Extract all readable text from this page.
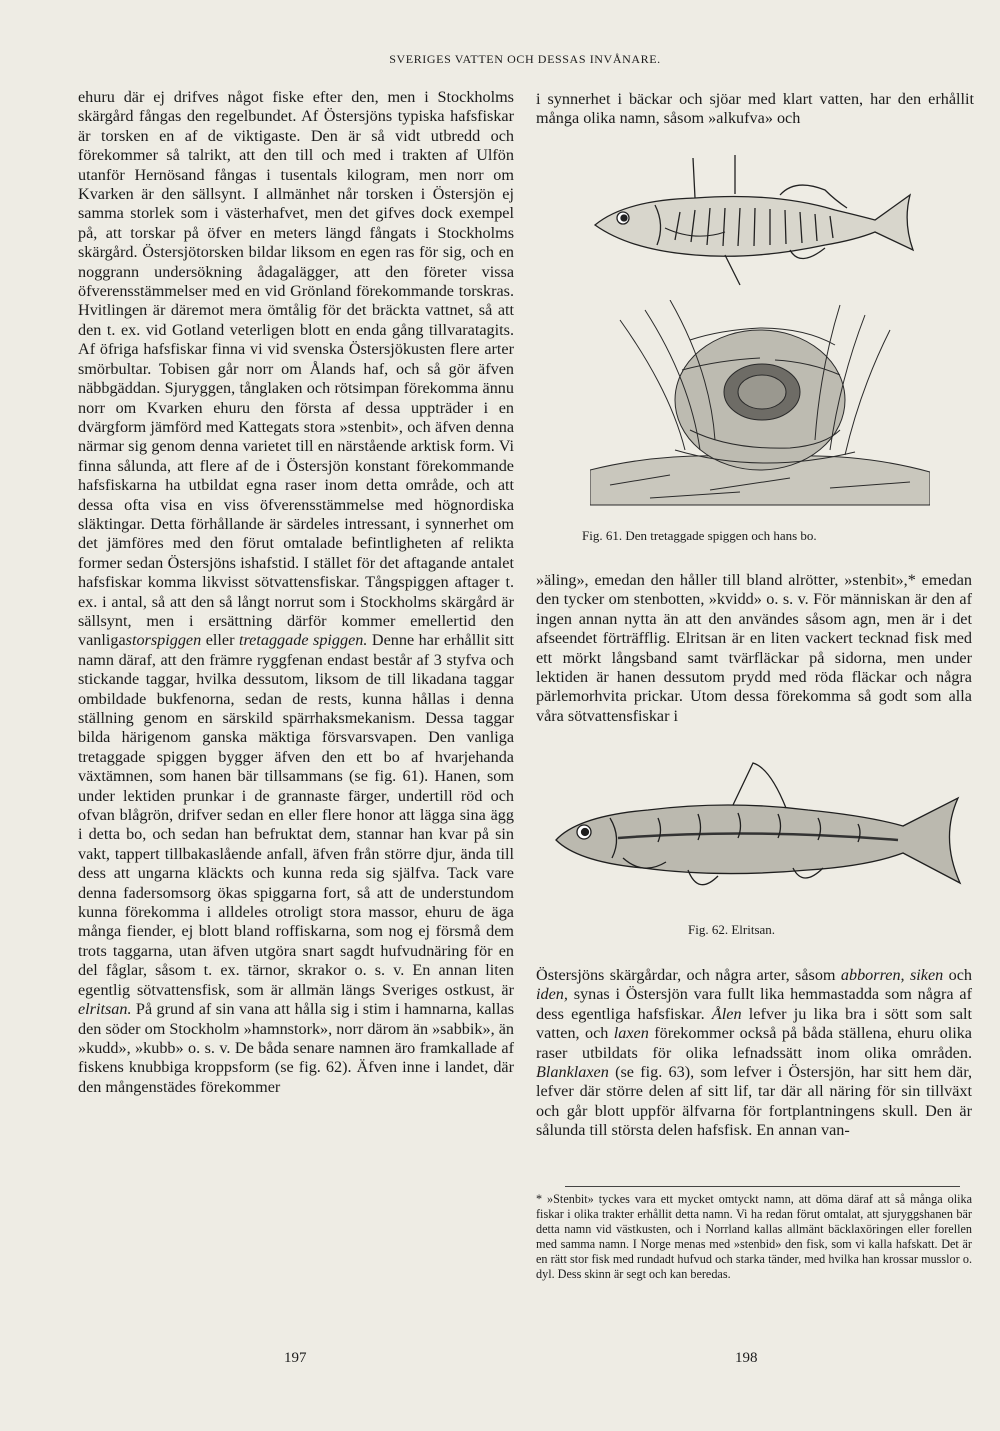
SVERIGES VATTEN OCH DESSAS INVÅNARE.

ehuru där ej drifves något fiske efter den, men i Stockholms skärgård fångas den regelbundet. Af Östersjöns typiska hafsfiskar är torsken en af de viktigaste. Den är så vidt utbredd och förekommer så talrikt, att den till och med i trakten af Ulfön utanför Hernösand fångas i tusentals kilogram, men norr om Kvarken är den sällsynt. I allmänhet når torsken i Östersjön ej samma storlek som i västerhafvet, men det gifves dock exempel på, att torskar på öfver en meters längd fångats i Stockholms skärgård. Östersjötorsken bildar liksom en egen ras för sig, och en noggrann undersökning ådagalägger, att den företer vissa öfverensstämmelser med en vid Grönland förekommande torskras. Hvitlingen är däremot mera ömtålig för det bräckta vattnet, så att den t. ex. vid Gotland veterligen blott en enda gång tillvaratagits. Af öfriga hafsfiskar finna vi vid svenska Östersjökusten flere arter smörbultar. Tobisen går norr om Ålands haf, och så gör äfven näbbgäddan. Sjuryggen, tånglaken och rötsimpan förekomma ännu norr om Kvarken ehuru den första af dessa uppträder i en dvärgform jämförd med Kattegats stora »stenbit», och äfven denna närmar sig genom denna varietet till en närstående arktisk form. Vi finna sålunda, att flere af de i Östersjön konstant förekommande hafsfiskarna ha utbildat egna raser inom detta område, och att dessa ofta visa en viss öfverensstämmelse med högnordiska släktingar. Detta förhållande är särdeles intressant, i synnerhet om det jämföres med den förut omtalade befintligheten af relikta former sedan Östersjöns ishafstid. I stället för det aftagande antalet hafsfiskar komma likvisst sötvattensfiskar. Tångspiggen aftager t. ex. i antal, så att den så långt norrut som i Stockholms skärgård är sällsynt, men i ersättning därför kommer emellertid den vanligastorspiggen eller tretaggade spiggen. Denne har erhållit sitt namn däraf, att den främre ryggfenan endast består af 3 styfva och stickande taggar, hvilka dessutom, liksom de till likadana taggar ombildade bukfenorna, sedan de rests, kunna hållas i denna ställning genom en särskild spärrhaksmekanism. Dessa taggar bilda härigenom ganska mäktiga försvarsvapen. Den vanliga tretaggade spiggen bygger äfven den ett bo af hvarjehanda växtämnen, som hanen bär tillsammans (se fig. 61). Hanen, som under lektiden prunkar i de grannaste färger, undertill röd och ofvan blågrön, drifver sedan en eller flere honor att lägga sina ägg i detta bo, och sedan han befruktat dem, stannar han kvar på sin vakt, tappert tillbakaslående anfall, äfven från större djur, ända till dess att ungarna kläckts och kunna reda sig själfva. Tack vare denna fadersomsorg ökas spiggarna fort, så att de understundom kunna förekomma i alldeles otroligt stora massor, ehuru de äga många fiender, ej blott bland roffiskarna, som nog ej försmå dem trots taggarna, utan äfven utgöra snart sagdt hufvudnäring för en del fåglar, såsom t. ex. tärnor, skrakor o. s. v. En annan liten egentlig sötvattensfisk, som är allmän längs Sveriges ostkust, är elritsan. På grund af sin vana att hålla sig i stim i hamnarna, kallas den söder om Stockholm »hamnstork», norr därom än »sabbik», än »kudd», »kubb» o. s. v. De båda senare namnen äro framkallade af fiskens knubbiga kroppsform (se fig. 62). Äfven inne i landet, där den mångenstädes förekommer

i synnerhet i bäckar och sjöar med klart vatten, har den erhållit många olika namn, såsom »alkufva» och

Fig. 61. Den tretaggade spiggen och hans bo.

»äling», emedan den håller till bland alrötter, »stenbit»,* emedan den tycker om stenbotten, »kvidd» o. s. v. För människan är den af ingen annan nytta än att den användes såsom agn, men är i det afseendet förträfflig. Elritsan är en liten vackert tecknad fisk med ett mörkt långsband samt tvärfläckar på sidorna, men under lektiden är hanen dessutom prydd med röda fläckar och några pärlemorhvita prickar. Utom dessa förekomma så godt som alla våra sötvattensfiskar i

Fig. 62. Elritsan.

Östersjöns skärgårdar, och några arter, såsom abborren, siken och iden, synas i Östersjön vara fullt lika hemmastadda som några af dess egentliga hafsfiskar. Ålen lefver ju lika bra i sött som salt vatten, och laxen förekommer också på båda ställena, ehuru olika raser utbildats för olika lefnadssätt inom olika områden. Blanklaxen (se fig. 63), som lefver i Östersjön, har sitt hem där, lefver där större delen af sitt lif, tar där all näring för sin tillväxt och går blott uppför älfvarna för fortplantningens skull. Den är sålunda till största delen hafsfisk. En annan van-

* »Stenbit» tyckes vara ett mycket omtyckt namn, att döma däraf att så många olika fiskar i olika trakter erhållit detta namn. Vi ha redan förut omtalat, att sjuryggshanen bär detta namn vid västkusten, och i Norrland kallas allmänt bäcklaxöringen eller forellen med samma namn. I Norge menas med »stenbid» den fisk, som vi kalla hafskatt. Det är en rätt stor fisk med rundadt hufvud och starka tänder, med hvilka han krossar musslor o. dyl. Dess skinn är segt och kan beredas.

197	198
